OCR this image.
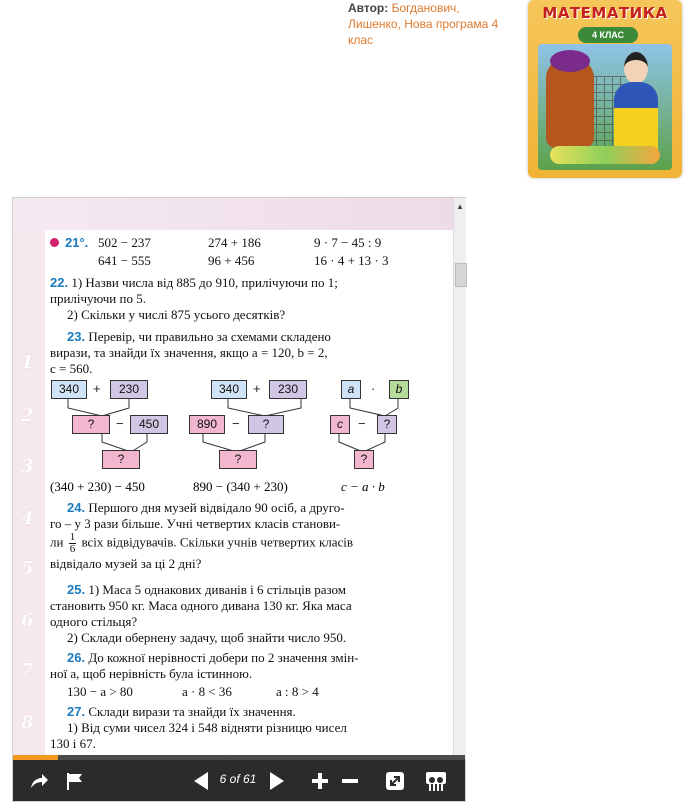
Автор: Богданович, Лишенко, Нова програма 4 клас
МАТЕМАТИКА
4 КЛАС
1
2
3
4
5
6
7
8
21°. 502 − 237	274 + 186	9 · 7 − 45 : 9
641 − 555	96 + 456	16 · 4 + 13 · 3
22. 1) Назви числа від 885 до 910, прилічуючи по 1;
прилічуючи по 5.
2) Скільки у числі 875 усього десятків?
23. Перевір, чи правильно за схемами складено
вирази, та знайди їх значення, якщо a = 120, b = 2,
c = 560.
340	+	230
?	−	450
?
(340 + 230) − 450
340	+	230
890	−	?
?
890 − (340 + 230)
a	·	b
c	−	?
?
c − a · b
24. Першого дня музей відвідало 90 осіб, а друго-
го – у 3 рази більше. Учні четвертих класів станови-
ли $\frac{1}{6}$ всіх відвідувачів. Скільки учнів четвертих класів
відвідало музей за ці 2 дні?
25. 1) Маса 5 однакових диванів і 6 стільців разом
становить 950 кг. Маса одного дивана 130 кг. Яка маса
одного стільця?
2) Склади обернену задачу, щоб знайти число 950.
26. До кожної нерівності добери по 2 значення змін-
ної a, щоб нерівність була істинною.
130 − a > 80	a · 8 < 36	a : 8 > 4
27. Склади вирази та знайди їх значення.
1) Від суми чисел 324 і 548 відняти різницю чисел
130 і 67.
▲
6 of 61
